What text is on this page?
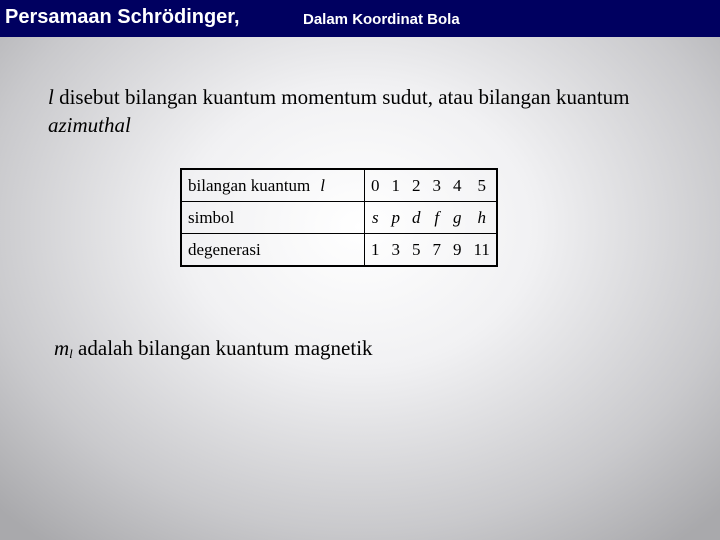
Persamaan Schrödinger,	Dalam Koordinat Bola
l disebut bilangan kuantum momentum sudut, atau bilangan kuantum azimuthal
bilangan kuantum l	0	1	2	3	4	5
simbol	s	p	d	f	g	h
degenerasi	1	3	5	7	9	11
$m_l$ adalah bilangan kuantum magnetik
